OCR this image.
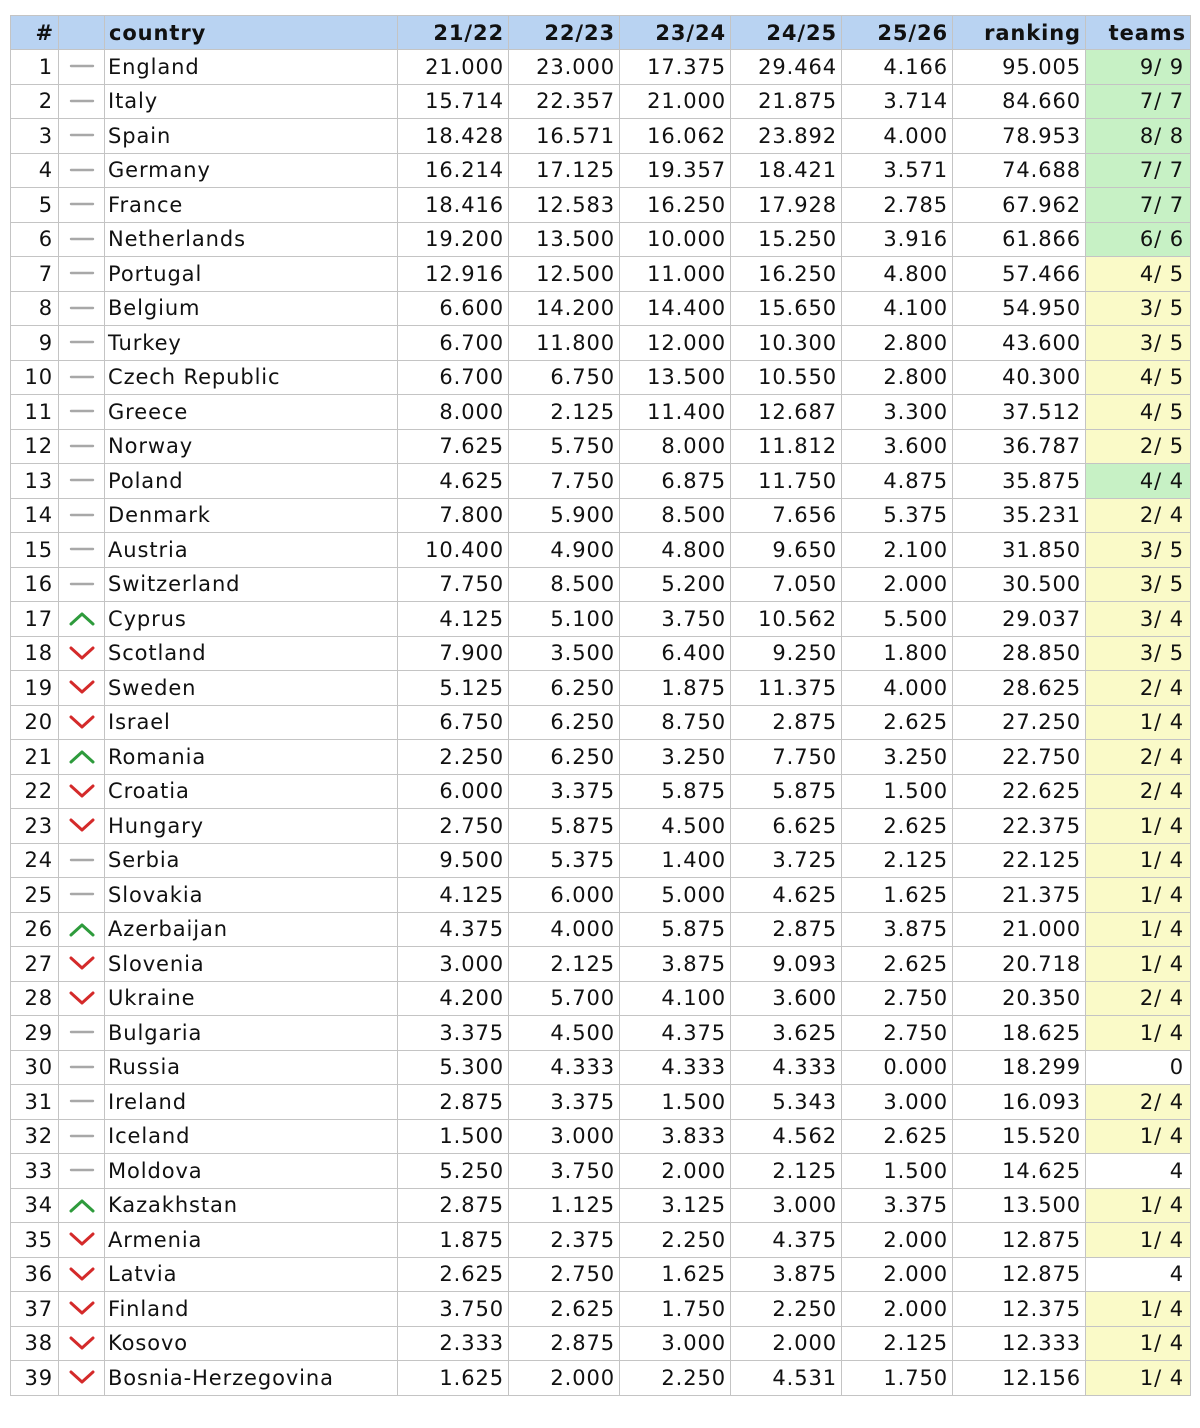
#		country	21/22	22/23	23/24	24/25	25/26	ranking	teams
1		England	21.000	23.000	17.375	29.464	4.166	95.005	9/ 9
2		Italy	15.714	22.357	21.000	21.875	3.714	84.660	7/ 7
3		Spain	18.428	16.571	16.062	23.892	4.000	78.953	8/ 8
4		Germany	16.214	17.125	19.357	18.421	3.571	74.688	7/ 7
5		France	18.416	12.583	16.250	17.928	2.785	67.962	7/ 7
6		Netherlands	19.200	13.500	10.000	15.250	3.916	61.866	6/ 6
7		Portugal	12.916	12.500	11.000	16.250	4.800	57.466	4/ 5
8		Belgium	6.600	14.200	14.400	15.650	4.100	54.950	3/ 5
9		Turkey	6.700	11.800	12.000	10.300	2.800	43.600	3/ 5
10		Czech Republic	6.700	6.750	13.500	10.550	2.800	40.300	4/ 5
11		Greece	8.000	2.125	11.400	12.687	3.300	37.512	4/ 5
12		Norway	7.625	5.750	8.000	11.812	3.600	36.787	2/ 5
13		Poland	4.625	7.750	6.875	11.750	4.875	35.875	4/ 4
14		Denmark	7.800	5.900	8.500	7.656	5.375	35.231	2/ 4
15		Austria	10.400	4.900	4.800	9.650	2.100	31.850	3/ 5
16		Switzerland	7.750	8.500	5.200	7.050	2.000	30.500	3/ 5
17		Cyprus	4.125	5.100	3.750	10.562	5.500	29.037	3/ 4
18		Scotland	7.900	3.500	6.400	9.250	1.800	28.850	3/ 5
19		Sweden	5.125	6.250	1.875	11.375	4.000	28.625	2/ 4
20		Israel	6.750	6.250	8.750	2.875	2.625	27.250	1/ 4
21		Romania	2.250	6.250	3.250	7.750	3.250	22.750	2/ 4
22		Croatia	6.000	3.375	5.875	5.875	1.500	22.625	2/ 4
23		Hungary	2.750	5.875	4.500	6.625	2.625	22.375	1/ 4
24		Serbia	9.500	5.375	1.400	3.725	2.125	22.125	1/ 4
25		Slovakia	4.125	6.000	5.000	4.625	1.625	21.375	1/ 4
26		Azerbaijan	4.375	4.000	5.875	2.875	3.875	21.000	1/ 4
27		Slovenia	3.000	2.125	3.875	9.093	2.625	20.718	1/ 4
28		Ukraine	4.200	5.700	4.100	3.600	2.750	20.350	2/ 4
29		Bulgaria	3.375	4.500	4.375	3.625	2.750	18.625	1/ 4
30		Russia	5.300	4.333	4.333	4.333	0.000	18.299	0
31		Ireland	2.875	3.375	1.500	5.343	3.000	16.093	2/ 4
32		Iceland	1.500	3.000	3.833	4.562	2.625	15.520	1/ 4
33		Moldova	5.250	3.750	2.000	2.125	1.500	14.625	4
34		Kazakhstan	2.875	1.125	3.125	3.000	3.375	13.500	1/ 4
35		Armenia	1.875	2.375	2.250	4.375	2.000	12.875	1/ 4
36		Latvia	2.625	2.750	1.625	3.875	2.000	12.875	4
37		Finland	3.750	2.625	1.750	2.250	2.000	12.375	1/ 4
38		Kosovo	2.333	2.875	3.000	2.000	2.125	12.333	1/ 4
39		Bosnia-Herzegovina	1.625	2.000	2.250	4.531	1.750	12.156	1/ 4
